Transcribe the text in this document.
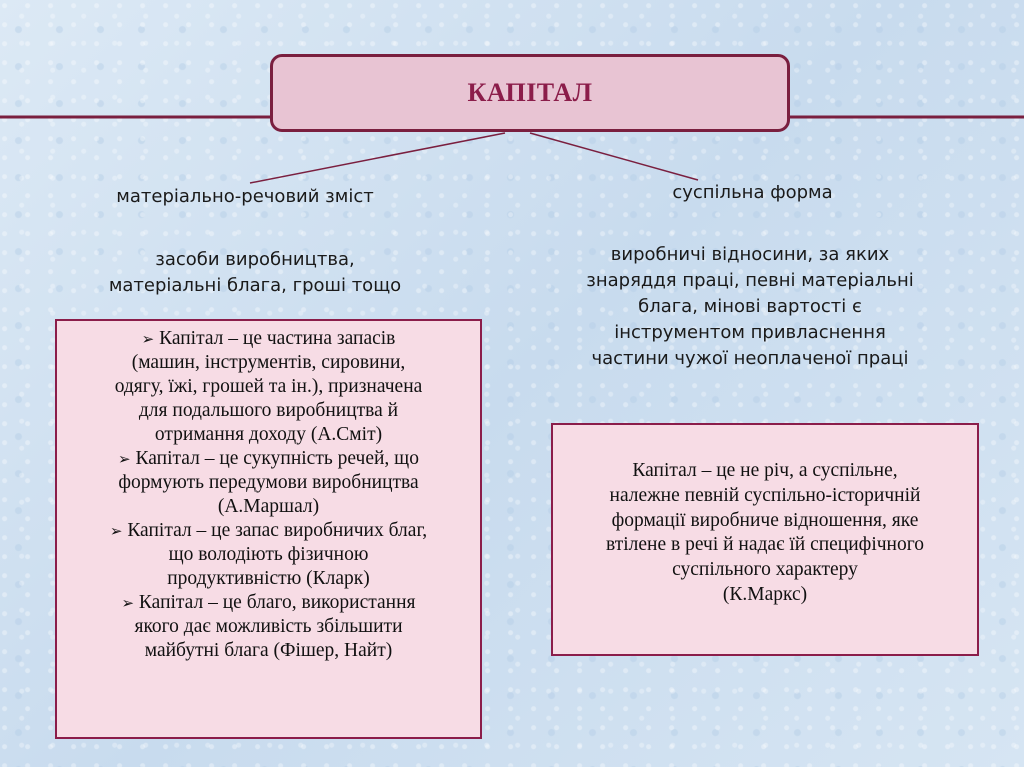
КАПІТАЛ
матеріально-речовий зміст
засоби виробництва,
матеріальні блага, гроші тощо
суспільна форма
виробничі відносини, за яких
знаряддя праці, певні матеріальні
блага, мінові вартості є
інструментом привласнення
частини чужої неоплаченої праці

➢ Капітал – це частина запасів
(машин, інструментів, сировини,
одягу, їжі, грошей та ін.), призначена
для подальшого виробництва й
отримання доходу (А.Сміт)

➢ Капітал – це сукупність речей, що
формують передумови виробництва
(А.Маршал)

➢ Капітал – це запас виробничих благ,
що володіють фізичною
продуктивністю (Кларк)

➢ Капітал – це благо, використання
якого дає можливість збільшити
майбутні блага (Фішер, Найт)

Капітал – це не річ, а суспільне,
належне певній суспільно-історичній
формації виробниче відношення, яке
втілене в речі й надає їй специфічного
суспільного характеру
(К.Маркс)
